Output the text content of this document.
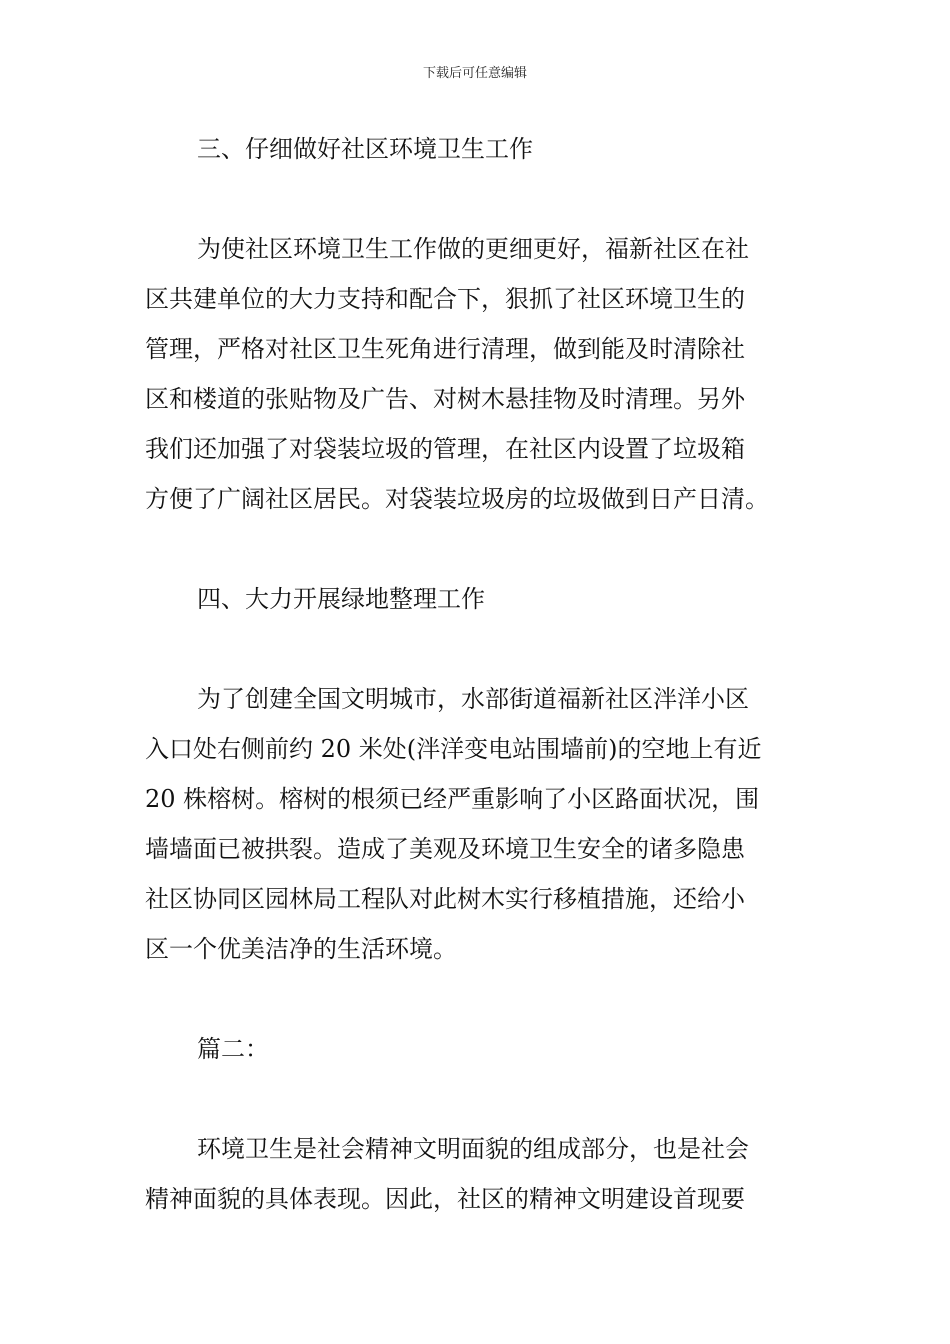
下载后可任意编辑

三、仔细做好社区环境卫生工作

为使社区环境卫生工作做的更细更好，福新社区在社
区共建单位的大力支持和配合下，狠抓了社区环境卫生的
管理，严格对社区卫生死角进行清理，做到能及时清除社
区和楼道的张贴物及广告、对树木悬挂物及时清理。另外
我们还加强了对袋装垃圾的管理，在社区内设置了垃圾箱
方便了广阔社区居民。对袋装垃圾房的垃圾做到日产日清。

四、大力开展绿地整理工作

为了创建全国文明城市，水部街道福新社区泮洋小区
入口处右侧前约 20 米处(泮洋变电站围墙前)的空地上有近
20 株榕树。榕树的根须已经严重影响了小区路面状况，围
墙墙面已被拱裂。造成了美观及环境卫生安全的诸多隐患
社区协同区园林局工程队对此树木实行移植措施，还给小
区一个优美洁净的生活环境。

篇二：

环境卫生是社会精神文明面貌的组成部分，也是社会
精神面貌的具体表现。因此，社区的精神文明建设首现要
